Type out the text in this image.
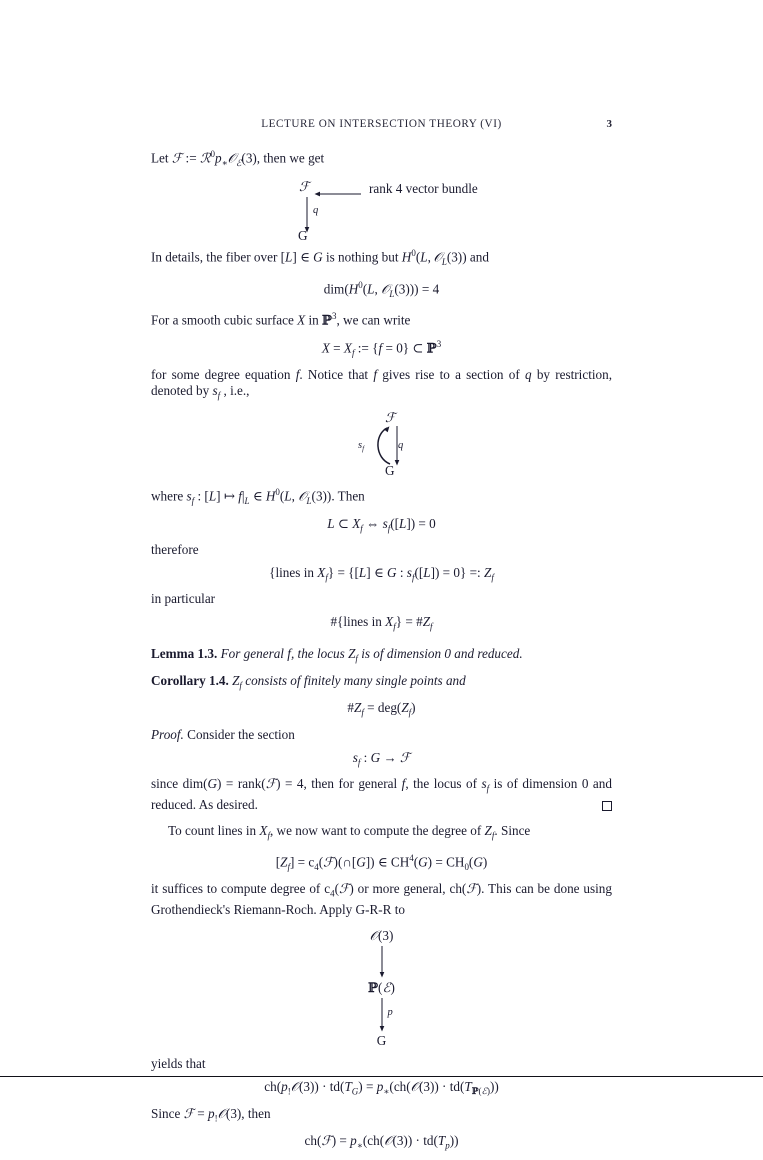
LECTURE ON INTERSECTION THEORY (VI)	3

Let ℱ := $ℛ^0p_∗𝒪_ℰ(3)$, then we get

ℱ	rank 4 vector bundle
q
G

In details, the fiber over [L] ∈ G is nothing but $H^0(L$, 𝒪$_L$(3)) and

$dim(H^0(L$, 𝒪$_L$(3))) = 4

For a smooth cubic surface X in ℙ$^3$, we can write

$X = X_f$ := {f = 0} ⊂ ℙ$^3$

for some degree equation f. Notice that f gives rise to a section of q by restriction, denoted by $s_f$ , i.e.,

ℱ
$s_f$	q
G

where $s_f$ : [L] ↦ $f|_L$ ∈ $H^0(L$, 𝒪$_L$(3)). Then

L ⊂ $X_f$ ⇔ $s_f([L]) = 0$

therefore

{lines in $X_f\} = \{[L]$ ∈ G : $s_f([L]) = 0$} =: $Z_f$

in particular

#{lines in $X_f$} = $\#Z_f$

Lemma 1.3. For general f, the locus $Z_f$ is of dimension 0 and reduced.

Corollary 1.4. $Z_f$ consists of finitely many single points and

$\#Z_f = deg(Z_f)$

Proof. Consider the section

$s_f$ : G → ℱ

since dim(G) = rank(ℱ) = 4, then for general f, the locus of $s_f$ is of dimension 0 and reduced. As desired.

To count lines in $X_f$, we now want to compute the degree of $Z_f$. Since

$[Z_f]$ = $c_4(ℱ)(\cap[G])$ ∈ $CH^4(G) = CH_0(G)$

it suffices to compute degree of $c_4(ℱ)$ or more general, ch(ℱ). This can be done using Grothendieck's Riemann-Roch. Apply G-R-R to

𝒪(3)
ℙ(ℰ)
p
G

yields that

$ch(p_!𝒪(3)) \cdot td(T_G)$ = $p_∗(ch(𝒪(3)) \cdot td(T_{ℙ(ℰ)}))$

Since ℱ = $p_!𝒪(3)$, then

ch(ℱ) = $p_∗(ch(𝒪(3)) \cdot td(T_p))$
